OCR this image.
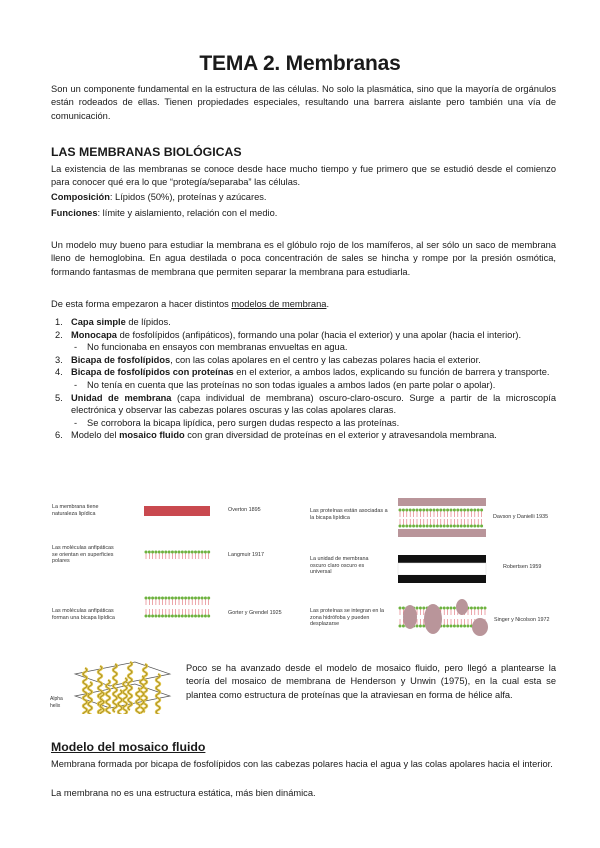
TEMA 2. Membranas

Son un componente fundamental en la estructura de las células. No solo la plasmática, sino que la mayoría de orgánulos están rodeados de ellas. Tienen propiedades especiales, resultando una barrera aislante pero también una vía de comunicación.

LAS MEMBRANAS BIOLÓGICAS

La existencia de las membranas se conoce desde hace mucho tiempo y fue primero que se estudió desde el comienzo para conocer qué era lo que “protegía/separaba” las células.

Composición: Lípidos (50%), proteínas y azúcares.

Funciones: límite y aislamiento, relación con el medio.

Un modelo muy bueno para estudiar la membrana es el glóbulo rojo de los mamíferos, al ser sólo un saco de membrana lleno de hemoglobina. En agua destilada o poca concentración de sales se hincha y rompe por la presión osmótica, formando fantasmas de membrana que permiten separar la membrana para estudiarla.

De esta forma empezaron a hacer distintos modelos de membrana.

1. Capa simple de lípidos.
2. Monocapa de fosfolípidos (anfipáticos), formando una polar (hacia el exterior) y una apolar (hacia el interior).
- No funcionaba en ensayos con membranas envueltas en agua.
3. Bicapa de fosfolípidos, con las colas apolares en el centro y las cabezas polares hacia el exterior.
4. Bicapa de fosfolípidos con proteínas en el exterior, a ambos lados, explicando su función de barrera y transporte.
- No tenía en cuenta que las proteínas no son todas iguales a ambos lados (en parte polar o apolar).
5. Unidad de membrana (capa individual de membrana) oscuro-claro-oscuro. Surge a partir de la microscopía electrónica y observar las cabezas polares oscuras y las colas apolares claras.
- Se corrobora la bicapa lipídica, pero surgen dudas respecto a las proteínas.
6. Modelo del mosaico fluido con gran diversidad de proteínas en el exterior y atravesandola membrana.
La membrana tiene naturaleza lipídica
Overton 1895
Las moléculas anfipáticas se orientan en superficies polares
Langmuir 1917
Las moléculas anfipáticas forman una bicapa lipídica
Gorter y Grendel 1925
Las proteínas están asociadas a la bicapa lipídica	Davson y Danielli 1935
La unidad de membrana oscuro claro oscuro es universal
Robertsen 1959
Las proteínas se integran en la zona hidrófoba y pueden desplazarse
Singer y Nicolson 1972
Alpha helix

Poco se ha avanzado desde el modelo de mosaico fluido, pero llegó a plantearse la teoría del mosaico de membrana de Henderson y Unwin (1975), en la cual esta se plantea como estructura de proteínas que la atraviesan en forma de hélice alfa.

Modelo del mosaico fluido

Membrana formada por bicapa de fosfolípidos con las cabezas polares hacia el agua y las colas apolares hacia el interior.

La membrana no es una estructura estática, más bien dinámica.
